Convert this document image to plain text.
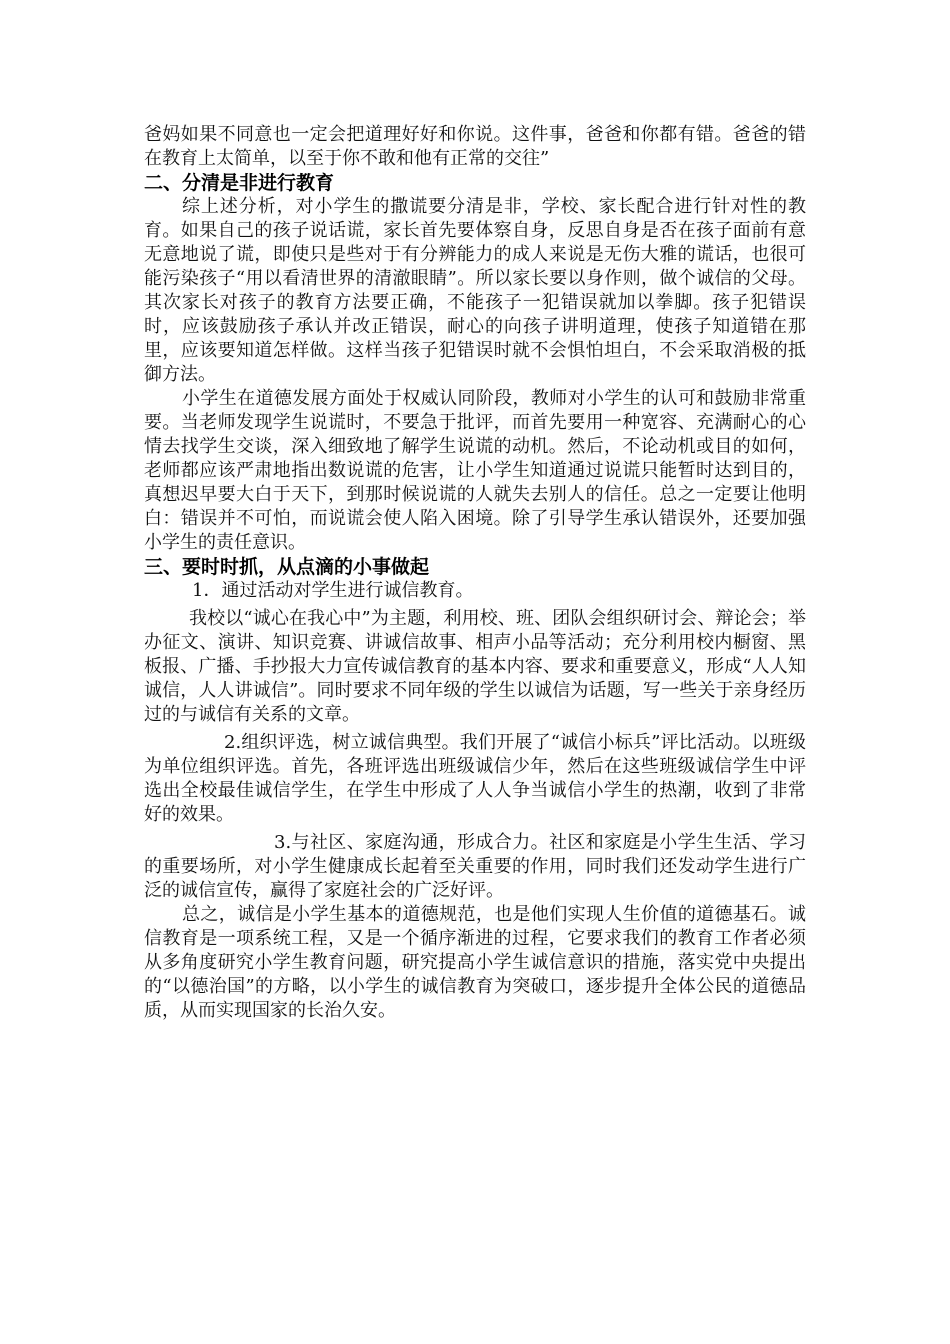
爸妈如果不同意也一定会把道理好好和你说。这件事，爸爸和你都有错。爸爸的错在教育上太简单，以至于你不敢和他有正常的交往”

二、分清是非进行教育

综上述分析，对小学生的撒谎要分清是非，学校、家长配合进行针对性的教育。如果自己的孩子说话谎，家长首先要体察自身，反思自身是否在孩子面前有意无意地说了谎，即使只是些对于有分辨能力的成人来说是无伤大雅的谎话，也很可能污染孩子“用以看清世界的清澈眼睛”。所以家长要以身作则，做个诚信的父母。其次家长对孩子的教育方法要正确，不能孩子一犯错误就加以拳脚。孩子犯错误时，应该鼓励孩子承认并改正错误，耐心的向孩子讲明道理，使孩子知道错在那里，应该要知道怎样做。这样当孩子犯错误时就不会惧怕坦白，不会采取消极的抵御方法。

小学生在道德发展方面处于权威认同阶段，教师对小学生的认可和鼓励非常重要。当老师发现学生说谎时，不要急于批评，而首先要用一种宽容、充满耐心的心情去找学生交谈，深入细致地了解学生说谎的动机。然后，不论动机或目的如何，老师都应该严肃地指出数说谎的危害，让小学生知道通过说谎只能暂时达到目的，真想迟早要大白于天下，到那时候说谎的人就失去别人的信任。总之一定要让他明白：错误并不可怕，而说谎会使人陷入困境。除了引导学生承认错误外，还要加强小学生的责任意识。

三、要时时抓，从点滴的小事做起

1．通过活动对学生进行诚信教育。

我校以“诚心在我心中”为主题，利用校、班、团队会组织研讨会、辩论会；举办征文、演讲、知识竞赛、讲诚信故事、相声小品等活动；充分利用校内橱窗、黑板报、广播、手抄报大力宣传诚信教育的基本内容、要求和重要意义，形成“人人知诚信，人人讲诚信”。同时要求不同年级的学生以诚信为话题，写一些关于亲身经历过的与诚信有关系的文章。

2.组织评选，树立诚信典型。我们开展了“诚信小标兵”评比活动。以班级为单位组织评选。首先，各班评选出班级诚信少年，然后在这些班级诚信学生中评选出全校最佳诚信学生，在学生中形成了人人争当诚信小学生的热潮，收到了非常好的效果。

3.与社区、家庭沟通，形成合力。社区和家庭是小学生生活、学习的重要场所，对小学生健康成长起着至关重要的作用，同时我们还发动学生进行广泛的诚信宣传，赢得了家庭社会的广泛好评。

总之，诚信是小学生基本的道德规范，也是他们实现人生价值的道德基石。诚信教育是一项系统工程，又是一个循序渐进的过程，它要求我们的教育工作者必须从多角度研究小学生教育问题，研究提高小学生诚信意识的措施，落实党中央提出的“以德治国”的方略，以小学生的诚信教育为突破口，逐步提升全体公民的道德品质，从而实现国家的长治久安。
